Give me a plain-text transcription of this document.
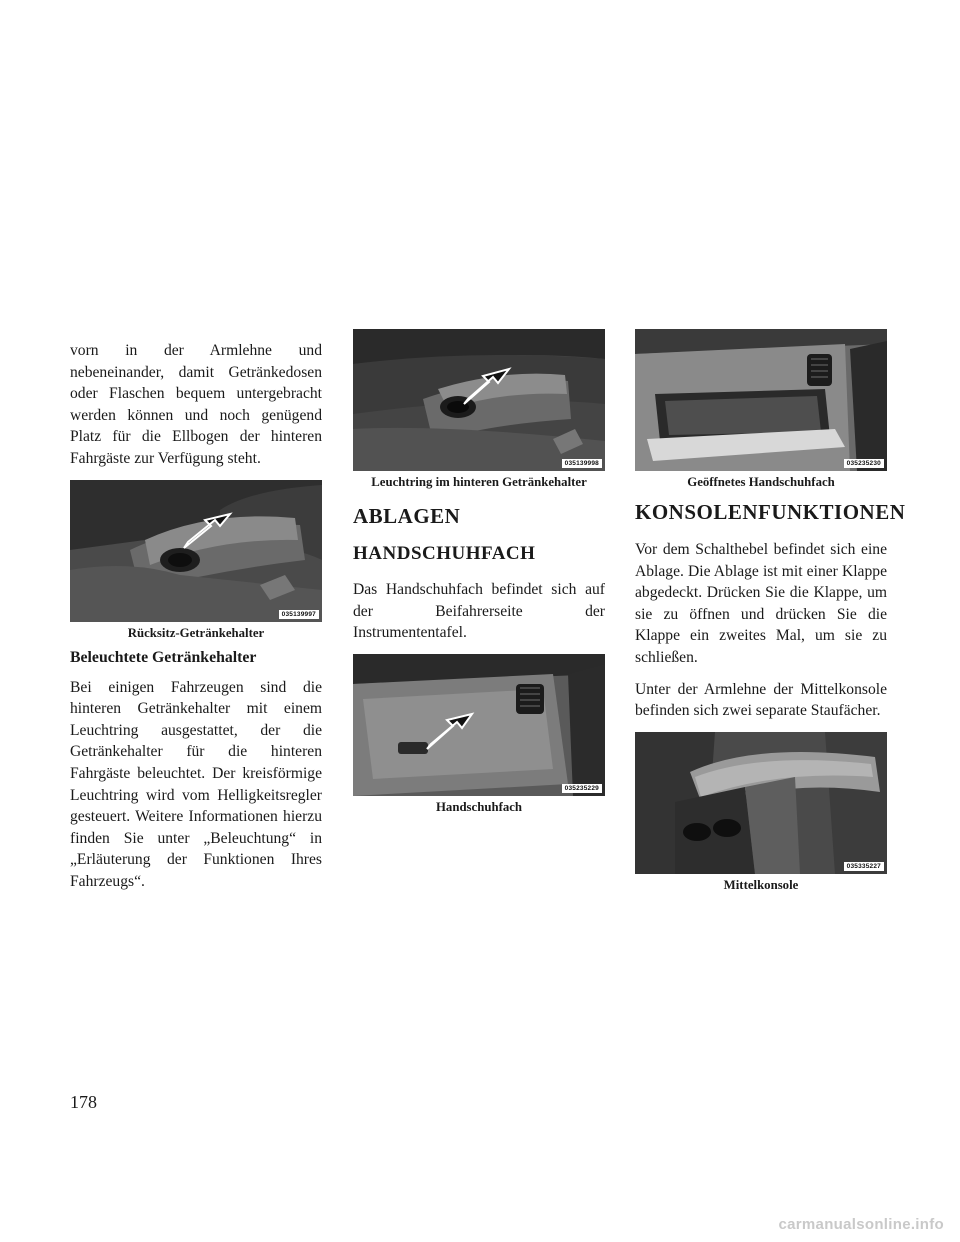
vorn in der Armlehne und nebeneinander, damit Getränkedosen oder Flaschen bequem untergebracht werden können und noch genügend Platz für die Ellbogen der hinteren Fahrgäste zur Verfügung steht.

035139997

Rücksitz-Getränkehalter

Beleuchtete Getränkehalter

Bei einigen Fahrzeugen sind die hinteren Getränkehalter mit einem Leuchtring ausgestattet, der die Getränkehalter für die hinteren Fahrgäste beleuchtet. Der kreisförmige Leuchtring wird vom Helligkeitsregler gesteuert. Weitere Informationen hierzu finden Sie unter „Beleuchtung“ in „Erläuterung der Funktionen Ihres Fahrzeugs“.

035139998

Leuchtring im hinteren Getränkehalter

ABLAGEN
HANDSCHUHFACH

Das Handschuhfach befindet sich auf der Beifahrerseite der Instrumententafel.

035235229

Handschuhfach

035235230

Geöffnetes Handschuhfach

KONSOLENFUNKTIONEN

Vor dem Schalthebel befindet sich eine Ablage. Die Ablage ist mit einer Klappe abgedeckt. Drücken Sie die Klappe, um sie zu öffnen und drücken Sie die Klappe ein zweites Mal, um sie zu schließen.

Unter der Armlehne der Mittelkonsole befinden sich zwei separate Staufächer.

035335227

Mittelkonsole

178
carmanualsonline.info
